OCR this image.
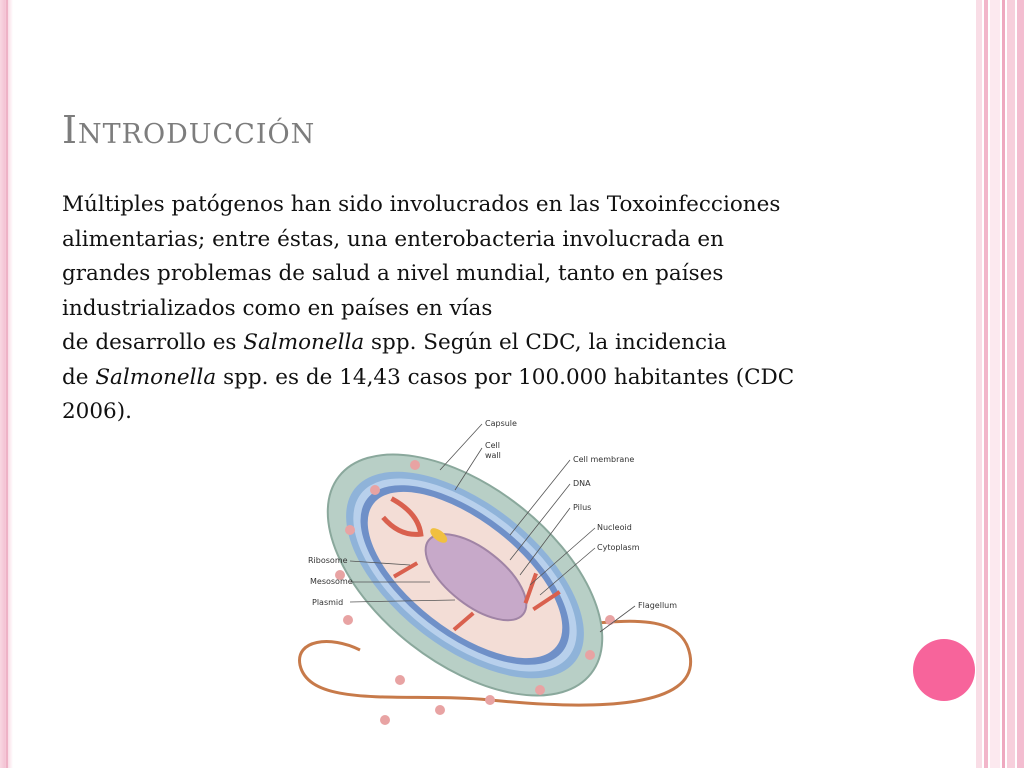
Introducción

Múltiples patógenos han sido involucrados en las Toxoinfecciones
alimentarias; entre éstas, una enterobacteria involucrada en
grandes problemas de salud a nivel mundial, tanto en países
industrializados como en países en vías
de desarrollo es Salmonella spp. Según el CDC, la incidencia
de Salmonella spp. es de 14,43 casos por 100.000 habitantes (CDC
2006).	Capsule
Cell
wall	Cell membrane
DNA
Pilus
Nucleoid
Cytoplasm
Ribosome
Mesosome
Plasmid	Flagellum
